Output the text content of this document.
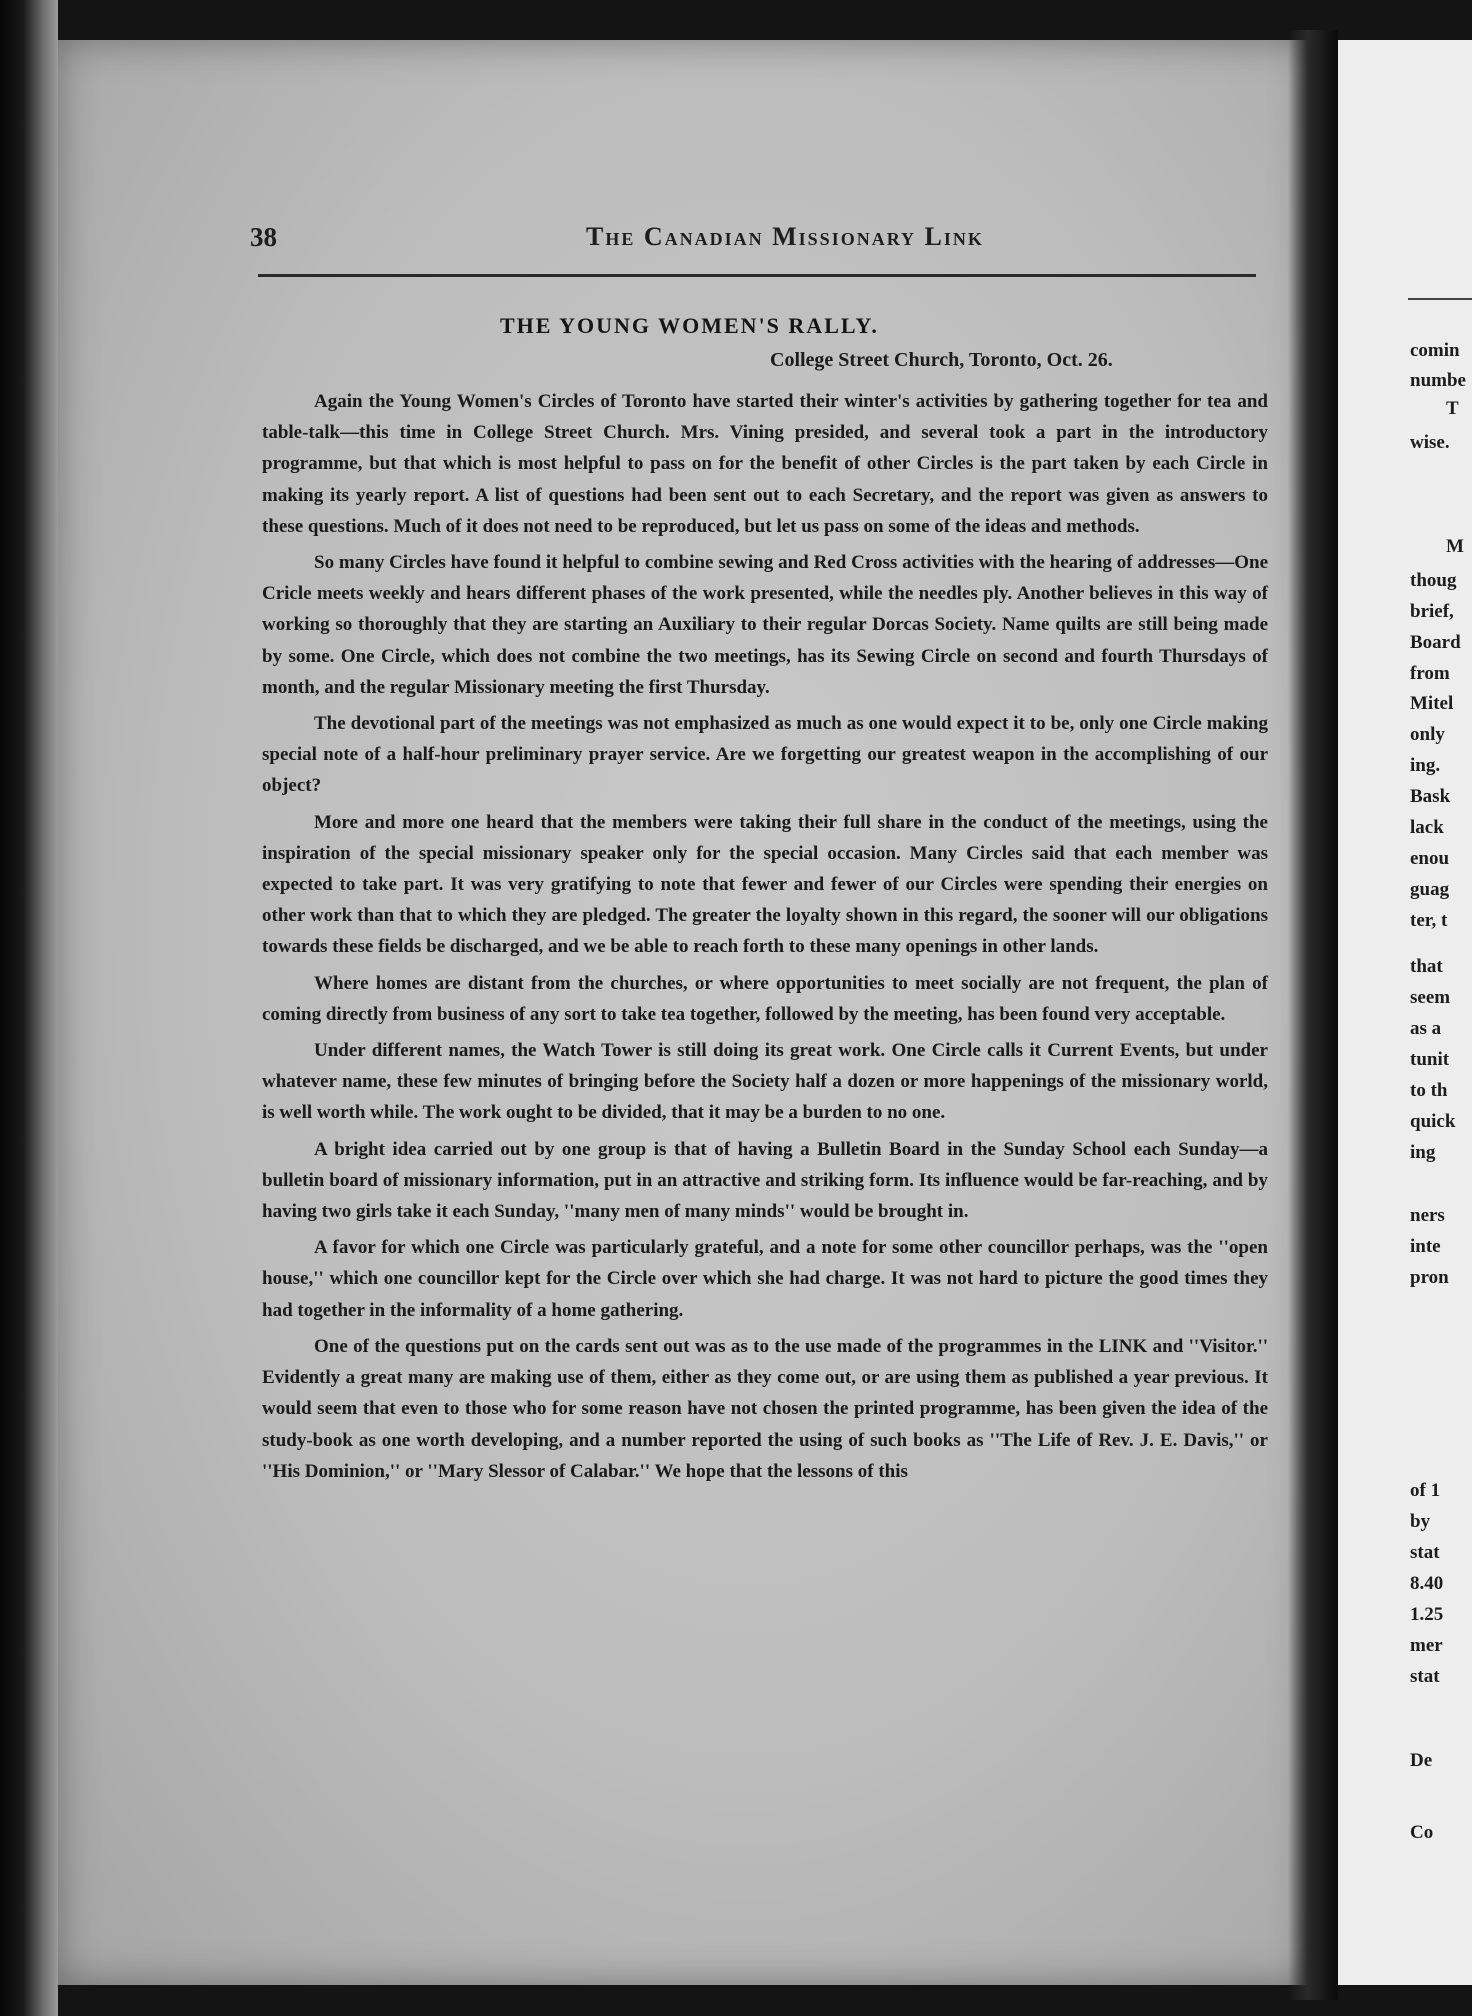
comin
numbe
T
wise.
M
thoug
brief,
Board
from
Mitel
only
ing.
Bask
lack
enou
guag
ter, t
that
seem
as a
tunit
to th
quick
ing
ners
inte
pron
of 1
by
stat
8.40
1.25
mer
stat
De
Co
38	The Canadian Missionary Link
THE YOUNG WOMEN'S RALLY.
College Street Church, Toronto, Oct. 26.

Again the Young Women's Circles of Toronto have started their winter's activities by gathering together for tea and table-talk—this time in College Street Church. Mrs. Vining presided, and several took a part in the introductory programme, but that which is most helpful to pass on for the benefit of other Circles is the part taken by each Circle in making its yearly report. A list of questions had been sent out to each Secretary, and the report was given as answers to these questions. Much of it does not need to be reproduced, but let us pass on some of the ideas and methods.

So many Circles have found it helpful to combine sewing and Red Cross activities with the hearing of addresses—One Cricle meets weekly and hears different phases of the work presented, while the needles ply. Another believes in this way of working so thoroughly that they are starting an Auxiliary to their regular Dorcas Society. Name quilts are still being made by some. One Circle, which does not combine the two meetings, has its Sewing Circle on second and fourth Thursdays of month, and the regular Missionary meeting the first Thursday.

The devotional part of the meetings was not emphasized as much as one would expect it to be, only one Circle making special note of a half-hour preliminary prayer service. Are we forgetting our greatest weapon in the accomplishing of our object?

More and more one heard that the members were taking their full share in the conduct of the meetings, using the inspiration of the special missionary speaker only for the special occasion. Many Circles said that each member was expected to take part. It was very gratifying to note that fewer and fewer of our Circles were spending their energies on other work than that to which they are pledged. The greater the loyalty shown in this regard, the sooner will our obligations towards these fields be discharged, and we be able to reach forth to these many openings in other lands.

Where homes are distant from the churches, or where opportunities to meet socially are not frequent, the plan of coming directly from business of any sort to take tea together, followed by the meeting, has been found very acceptable.

Under different names, the Watch Tower is still doing its great work. One Circle calls it Current Events, but under whatever name, these few minutes of bringing before the Society half a dozen or more happenings of the missionary world, is well worth while. The work ought to be divided, that it may be a burden to no one.

A bright idea carried out by one group is that of having a Bulletin Board in the Sunday School each Sunday—a bulletin board of missionary information, put in an attractive and striking form. Its influence would be far-reaching, and by having two girls take it each Sunday, ''many men of many minds'' would be brought in.

A favor for which one Circle was particularly grateful, and a note for some other councillor perhaps, was the ''open house,'' which one councillor kept for the Circle over which she had charge. It was not hard to picture the good times they had together in the informality of a home gathering.

One of the questions put on the cards sent out was as to the use made of the programmes in the LINK and ''Visitor.'' Evidently a great many are making use of them, either as they come out, or are using them as published a year previous. It would seem that even to those who for some reason have not chosen the printed programme, has been given the idea of the study-book as one worth developing, and a number reported the using of such books as ''The Life of Rev. J. E. Davis,'' or ''His Dominion,'' or ''Mary Slessor of Calabar.'' We hope that the lessons of this
